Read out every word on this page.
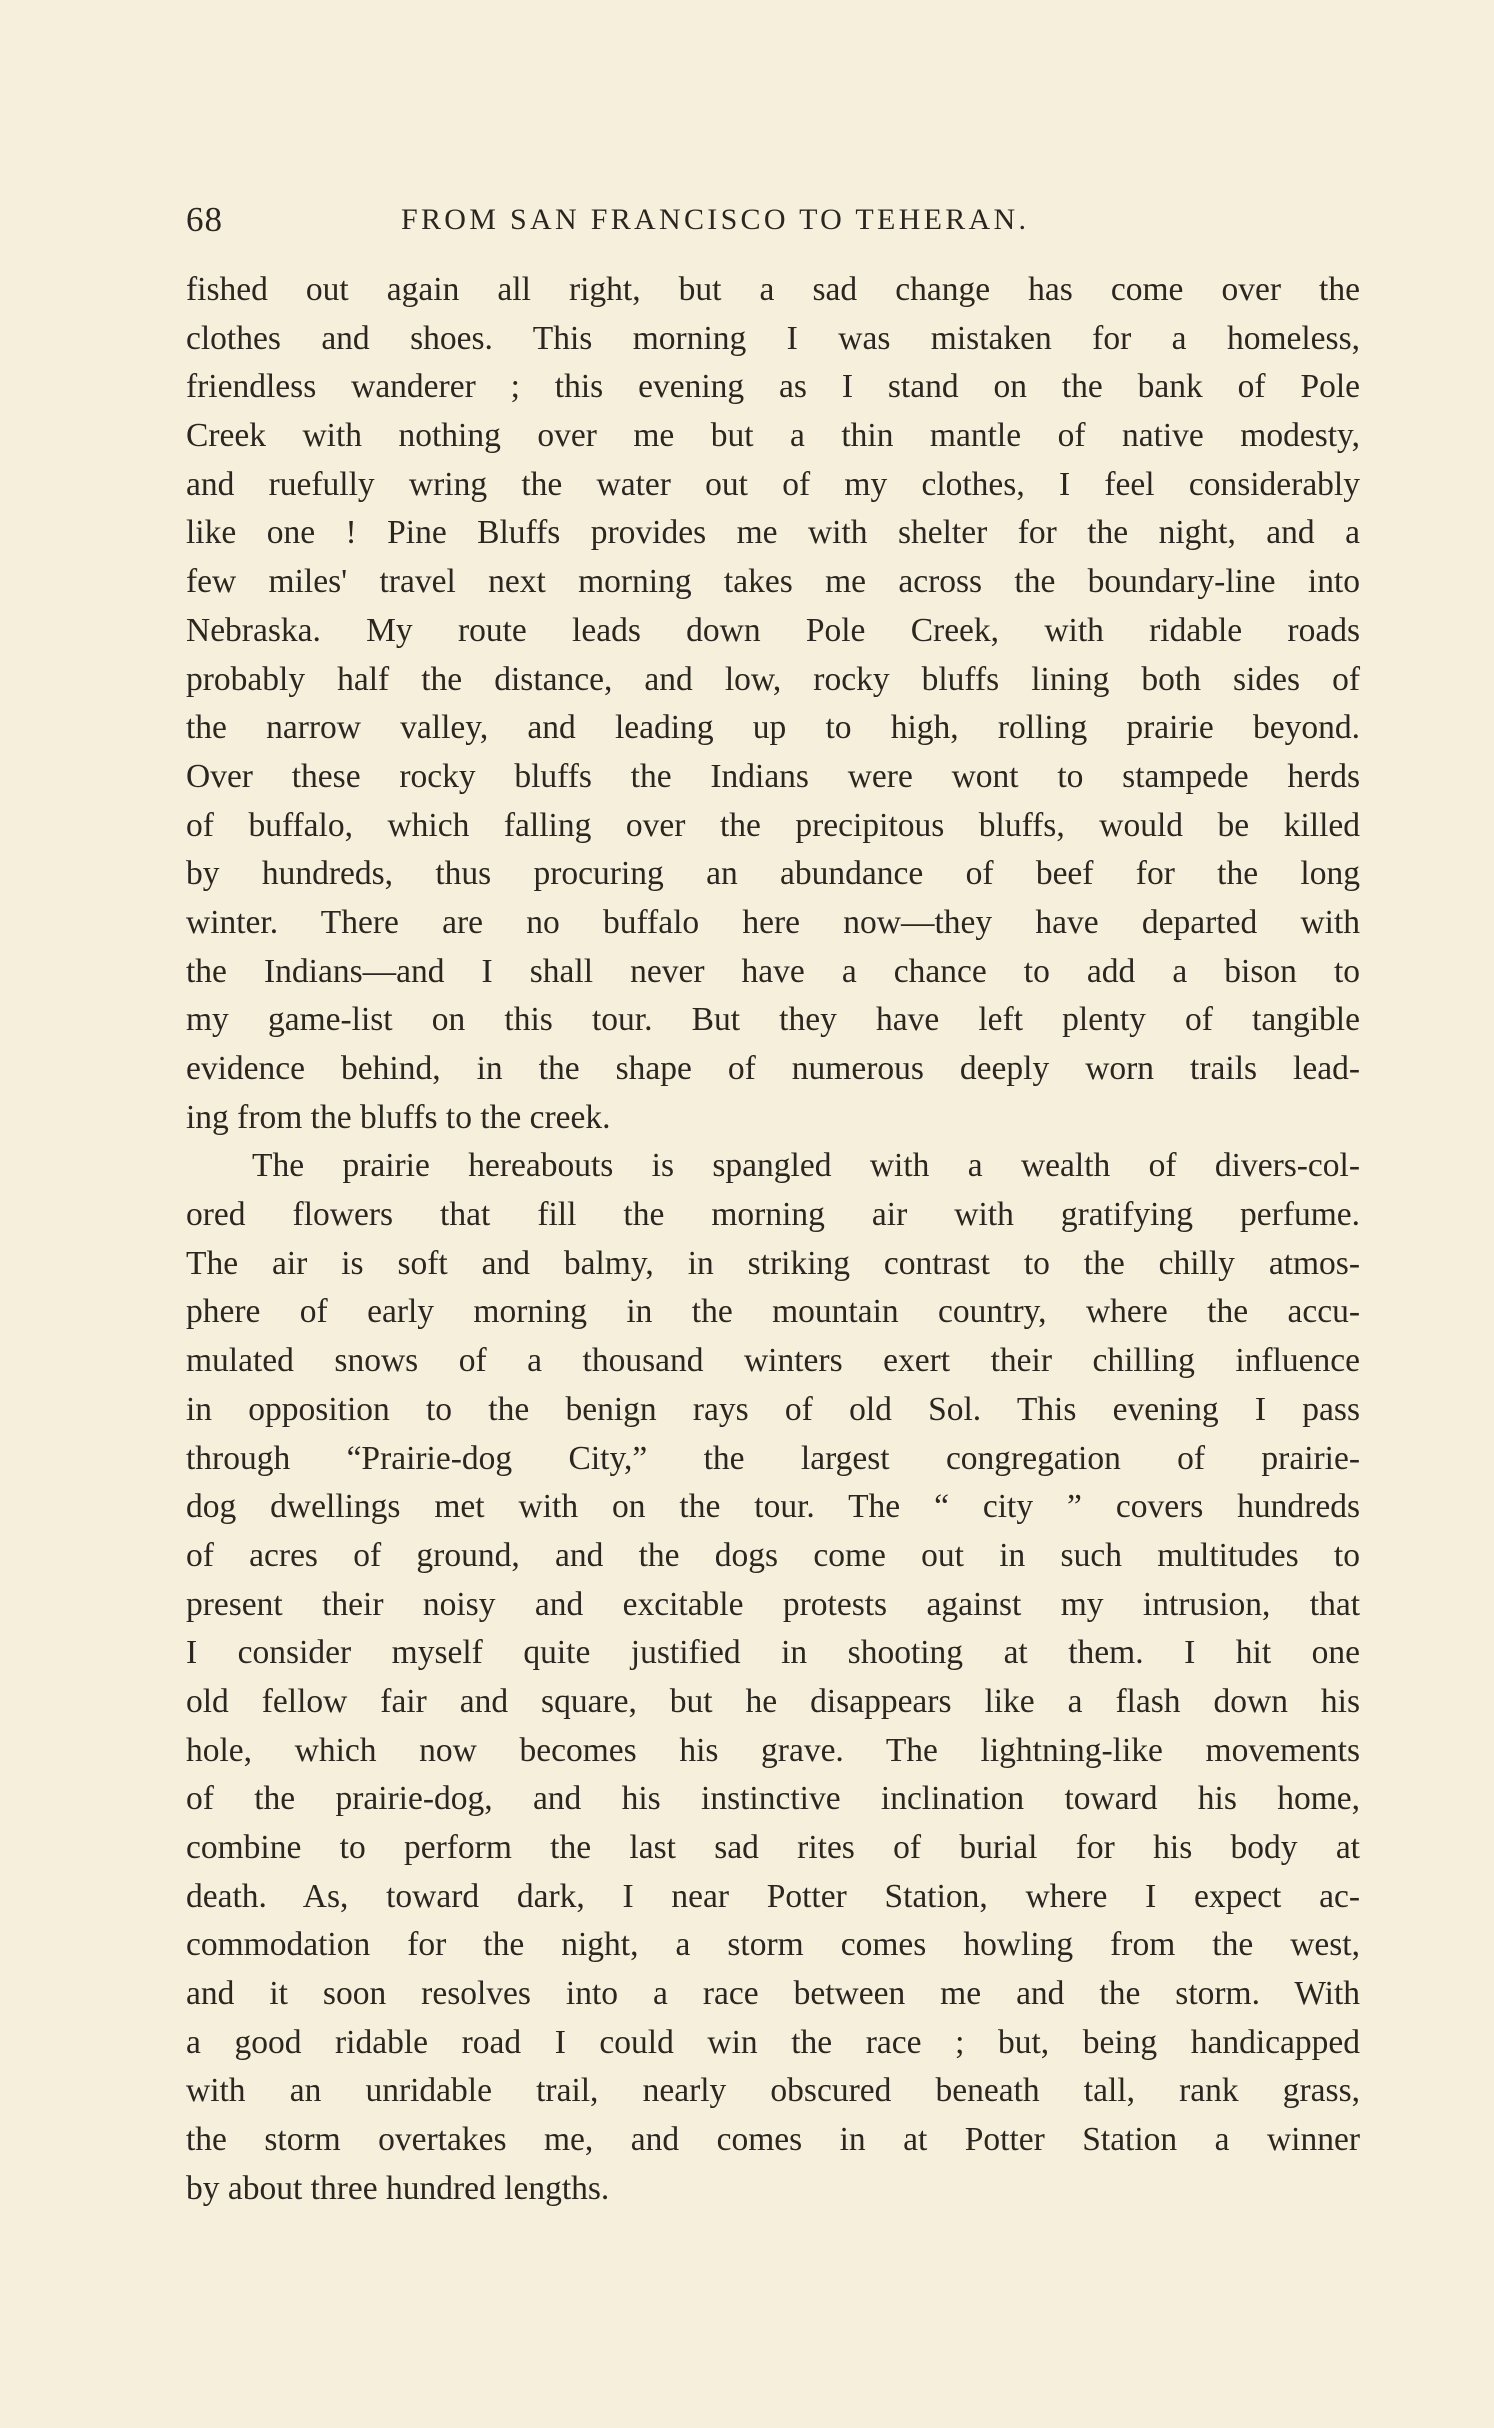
68	FROM SAN FRANCISCO TO TEHERAN.
fished out again all right, but a sad change has come over the
clothes and shoes. This morning I was mistaken for a homeless,
friendless wanderer ; this evening as I stand on the bank of Pole
Creek with nothing over me but a thin mantle of native modesty,
and ruefully wring the water out of my clothes, I feel considerably
like one ! Pine Bluffs provides me with shelter for the night, and a
few miles' travel next morning takes me across the boundary-line into
Nebraska. My route leads down Pole Creek, with ridable roads
probably half the distance, and low, rocky bluffs lining both sides of
the narrow valley, and leading up to high, rolling prairie beyond.
Over these rocky bluffs the Indians were wont to stampede herds
of buffalo, which falling over the precipitous bluffs, would be killed
by hundreds, thus procuring an abundance of beef for the long
winter. There are no buffalo here now—they have departed with
the Indians—and I shall never have a chance to add a bison to
my game-list on this tour. But they have left plenty of tangible
evidence behind, in the shape of numerous deeply worn trails lead-
ing from the bluffs to the creek.
The prairie hereabouts is spangled with a wealth of divers-col-
ored flowers that fill the morning air with gratifying perfume.
The air is soft and balmy, in striking contrast to the chilly atmos-
phere of early morning in the mountain country, where the accu-
mulated snows of a thousand winters exert their chilling influence
in opposition to the benign rays of old Sol. This evening I pass
through “Prairie-dog City,” the largest congregation of prairie-
dog dwellings met with on the tour. The “ city ” covers hundreds
of acres of ground, and the dogs come out in such multitudes to
present their noisy and excitable protests against my intrusion, that
I consider myself quite justified in shooting at them. I hit one
old fellow fair and square, but he disappears like a flash down his
hole, which now becomes his grave. The lightning-like movements
of the prairie-dog, and his instinctive inclination toward his home,
combine to perform the last sad rites of burial for his body at
death. As, toward dark, I near Potter Station, where I expect ac-
commodation for the night, a storm comes howling from the west,
and it soon resolves into a race between me and the storm. With
a good ridable road I could win the race ; but, being handicapped
with an unridable trail, nearly obscured beneath tall, rank grass,
the storm overtakes me, and comes in at Potter Station a winner
by about three hundred lengths.
